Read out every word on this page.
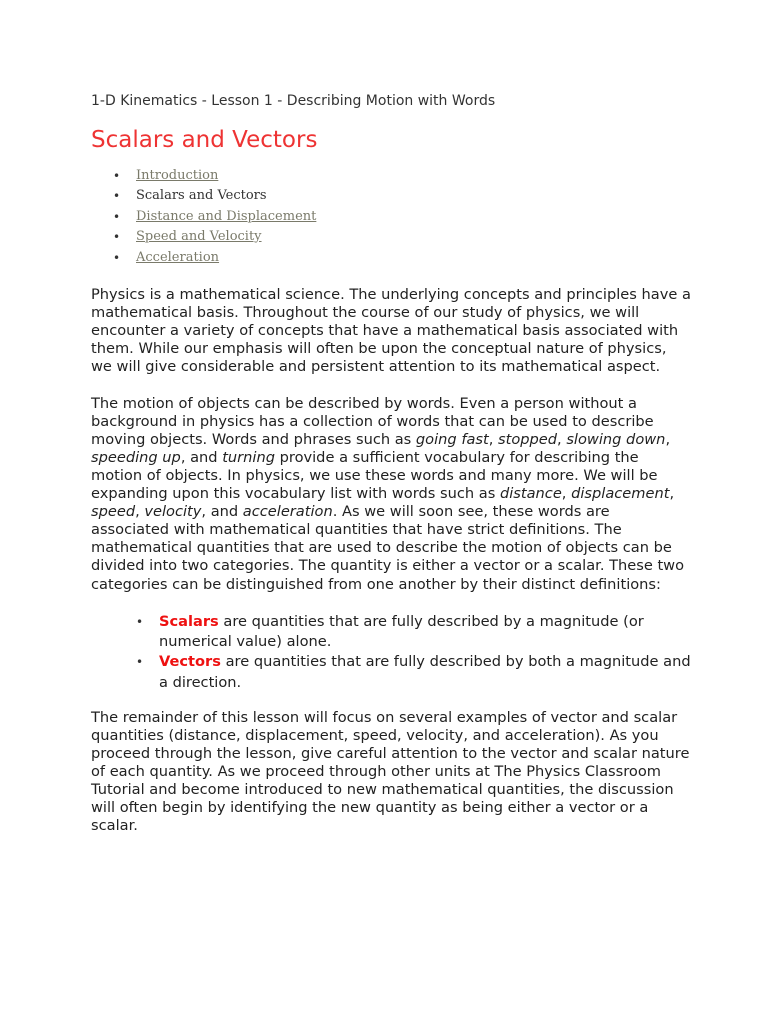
1-D Kinematics - Lesson 1 - Describing Motion with Words
Scalars and Vectors
• Introduction
• Scalars and Vectors
• Distance and Displacement
• Speed and Velocity
• Acceleration

Physics is a mathematical science. The underlying concepts and principles have a mathematical basis. Throughout the course of our study of physics, we will encounter a variety of concepts that have a mathematical basis associated with them. While our emphasis will often be upon the conceptual nature of physics, we will give considerable and persistent attention to its mathematical aspect.

The motion of objects can be described by words. Even a person without a background in physics has a collection of words that can be used to describe moving objects. Words and phrases such as going fast, stopped, slowing down, speeding up, and turning provide a sufficient vocabulary for describing the motion of objects. In physics, we use these words and many more. We will be expanding upon this vocabulary list with words such as distance, displacement, speed, velocity, and acceleration. As we will soon see, these words are associated with mathematical quantities that have strict definitions. The mathematical quantities that are used to describe the motion of objects can be divided into two categories. The quantity is either a vector or a scalar. These two categories can be distinguished from one another by their distinct definitions:

• Scalars are quantities that are fully described by a magnitude (or numerical value) alone.
• Vectors are quantities that are fully described by both a magnitude and a direction.

The remainder of this lesson will focus on several examples of vector and scalar quantities (distance, displacement, speed, velocity, and acceleration). As you proceed through the lesson, give careful attention to the vector and scalar nature of each quantity. As we proceed through other units at The Physics Classroom Tutorial and become introduced to new mathematical quantities, the discussion will often begin by identifying the new quantity as being either a vector or a scalar.
